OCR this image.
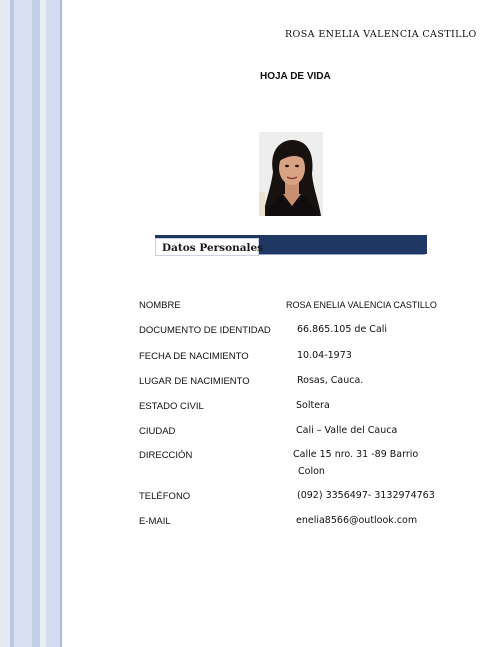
ROSA ENELIA VALENCIA CASTILLO
HOJA DE VIDA
Datos Personales
NOMBRE	ROSA ENELIA VALENCIA CASTILLO
DOCUMENTO DE IDENTIDAD	66.865.105 de Cali
FECHA DE NACIMIENTO	10.04-1973
LUGAR DE NACIMIENTO	Rosas, Cauca.
ESTADO CIVIL	Soltera
CIUDAD	Cali – Valle del Cauca
DIRECCIÓN	Calle 15 nro. 31 -89 Barrio
Colon
TELÉFONO	(092) 3356497- 3132974763
E-MAIL	enelia8566@outlook.com
